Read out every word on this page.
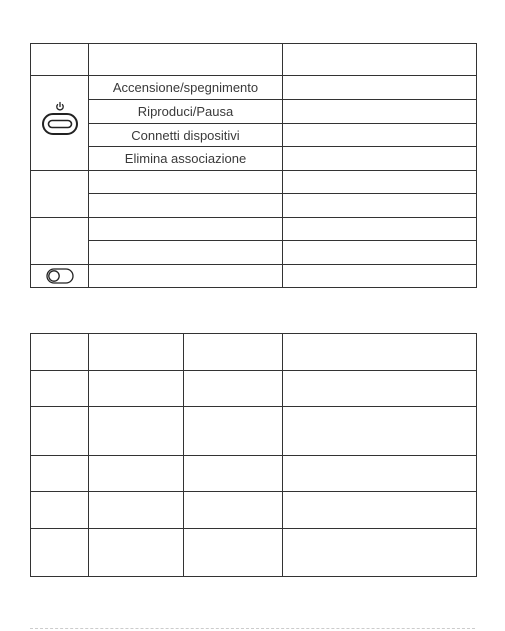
	Accensione/spegnimento	
	Riproduci/Pausa	
	Connetti dispositivi	
	Elimina associazione	
